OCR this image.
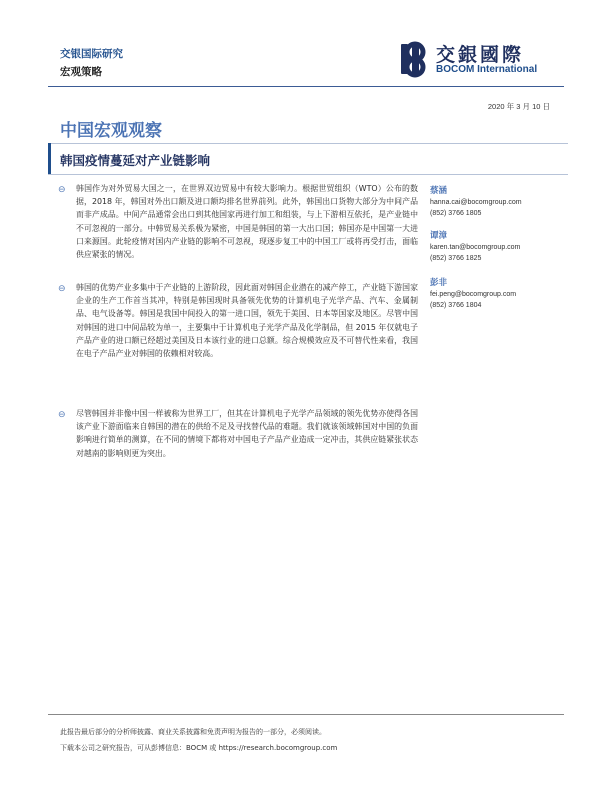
交银国际研究
宏观策略
交銀國際
BOCOM International
2020 年 3 月 10 日
中国宏观观察
韩国疫情蔓延对产业链影响
⊖ 韩国作为对外贸易大国之一，在世界双边贸易中有较大影响力。根据世贸组织（WTO）公布的数据，2018 年，韩国对外出口额及进口额均排名世界前列。此外，韩国出口货物大部分为中间产品而非产成品。中间产品通常会出口到其他国家再进行加工和组装，与上下游相互依托，是产业链中不可忽视的一部分。中韩贸易关系极为紧密，中国是韩国的第一大出口国；韩国亦是中国第一大进口来源国。此轮疫情对国内产业链的影响不可忽视，现逐步复工中的中国工厂或将再受打击，面临供应紧张的情况。
⊖ 韩国的优势产业多集中于产业链的上游阶段，因此面对韩国企业潜在的减产停工，产业链下游国家企业的生产工作首当其冲，特别是韩国现时具备领先优势的计算机电子光学产品、汽车、金属制品、电气设备等。韩国是我国中间投入的第一进口国，领先于美国、日本等国家及地区。尽管中国对韩国的进口中间品较为单一，主要集中于计算机电子光学产品及化学制品，但 2015 年仅就电子产品产业的进口额已经超过美国及日本该行业的进口总额。综合规模效应及不可替代性来看，我国在电子产品产业对韩国的依赖相对较高。
⊖ 尽管韩国并非像中国一样被称为世界工厂，但其在计算机电子光学产品领域的领先优势亦使得各国该产业下游面临来自韩国的潜在的供给不足及寻找替代品的难题。我们就该领域韩国对中国的负面影响进行简单的测算，在不同的情境下都将对中国电子产品产业造成一定冲击，其供应链紧张状态对越南的影响则更为突出。
蔡涵
hanna.cai@bocomgroup.com
(852) 3766 1805
谭漳
karen.tan@bocomgroup.com
(852) 3766 1825
彭非
fei.peng@bocomgroup.com
(852) 3766 1804
此报告最后部分的分析师披露、商业关系披露和免责声明为报告的一部分，必须阅读。
下载本公司之研究报告，可从彭博信息：BOCM 或 https://research.bocomgroup.com
